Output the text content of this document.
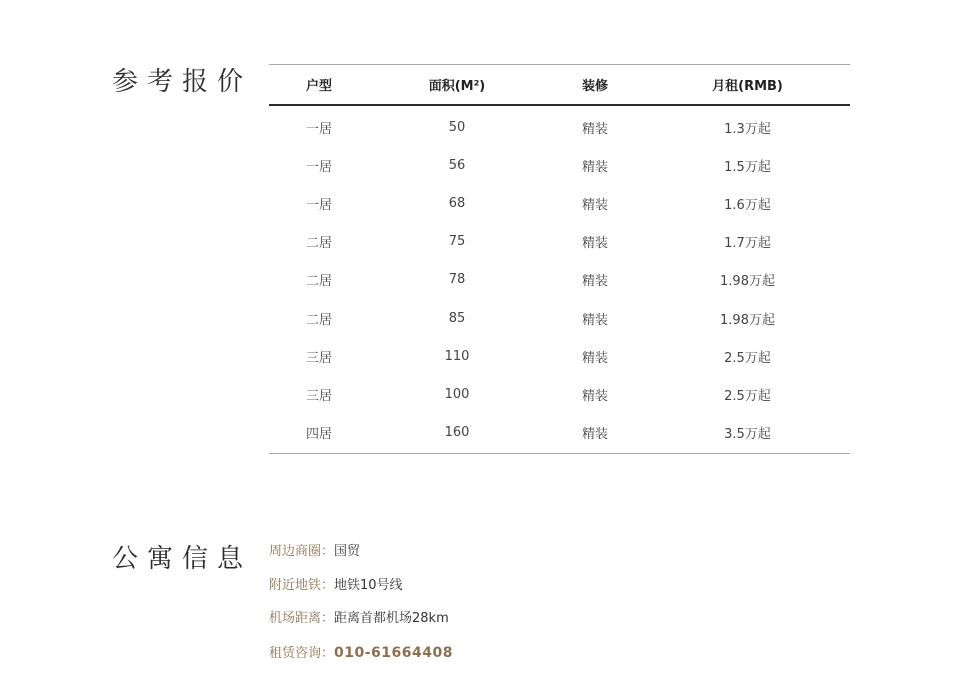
参考报价	户型	面积(M²)	装修	月租(RMB)
一居	50	精装	1.3万起
一居	56	精装	1.5万起
一居	68	精装	1.6万起
二居	75	精装	1.7万起
二居	78	精装	1.98万起
二居	85	精装	1.98万起
三居	110	精装	2.5万起
三居	100	精装	2.5万起
四居	160	精装	3.5万起
公寓信息 周边商圈：国贸
附近地铁：地铁10号线
机场距离：距离首都机场28km
租赁咨询：010-61664408
